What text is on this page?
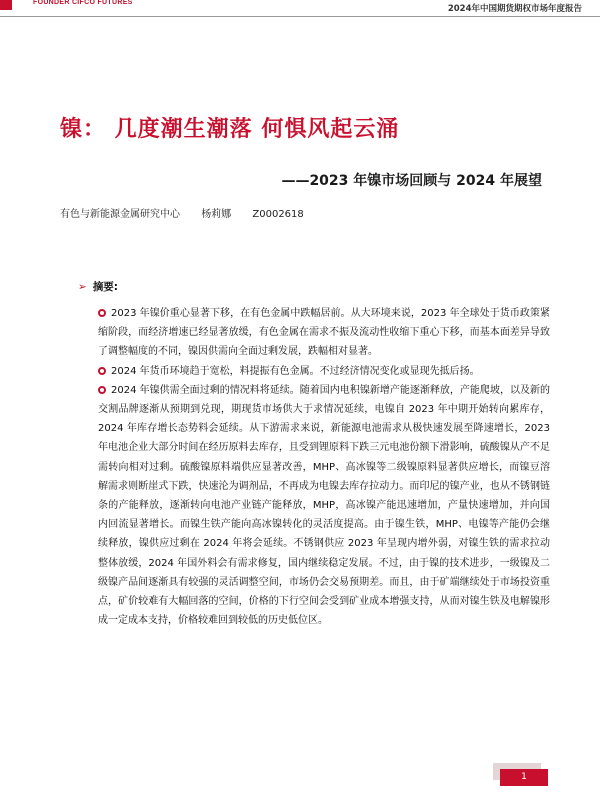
FOUNDER CIFCO FUTURES
2024年中国期货期权市场年度报告
镍： 几度潮生潮落 何惧风起云涌
——2023 年镍市场回顾与 2024 年展望
有色与新能源金属研究中心 杨莉娜 Z0002618
➢ 摘要:

2023 年镍价重心显著下移，在有色金属中跌幅居前。从大环境来说，2023 年全球处于货币政策紧缩阶段，而经济增速已经显著放缓，有色金属在需求不振及流动性收缩下重心下移，而基本面差异导致了调整幅度的不同，镍因供需向全面过剩发展，跌幅相对显著。

2024 年货币环境趋于宽松，料提振有色金属。不过经济情况变化或显现先抵后扬。

2024 年镍供需全面过剩的情况料将延续。随着国内电积镍新增产能逐渐释放，产能爬坡，以及新的交割品牌逐渐从预期到兑现，期现货市场供大于求情况延续，电镍自 2023 年中期开始转向累库存，2024 年库存增长态势料会延续。从下游需求来说，新能源电池需求从极快速发展至降速增长，2023 年电池企业大部分时间在经历原料去库存，且受到锂原料下跌三元电池份额下滑影响，硫酸镍从产不足需转向相对过剩。硫酸镍原料端供应显著改善，MHP、高冰镍等二级镍原料显著供应增长，而镍豆溶解需求则断崖式下跌，快速沦为调剂品，不再成为电镍去库存拉动力。而印尼的镍产业，也从不锈钢链条的产能释放，逐渐转向电池产业链产能释放，MHP，高冰镍产能迅速增加，产量快速增加，并向国内回流显著增长。而镍生铁产能向高冰镍转化的灵活度提高。由于镍生铁，MHP、电镍等产能仍会继续释放，镍供应过剩在 2024 年将会延续。不锈钢供应 2023 年呈现内增外弱，对镍生铁的需求拉动整体放缓，2024 年国外料会有需求修复，国内继续稳定发展。不过，由于镍的技术进步，一级镍及二级镍产品间逐渐具有较强的灵活调整空间，市场仍会交易预期差。而且，由于矿端继续处于市场投资重点，矿价较难有大幅回落的空间，价格的下行空间会受到矿业成本增强支持，从而对镍生铁及电解镍形成一定成本支持，价格较难回到较低的历史低位区。

1
